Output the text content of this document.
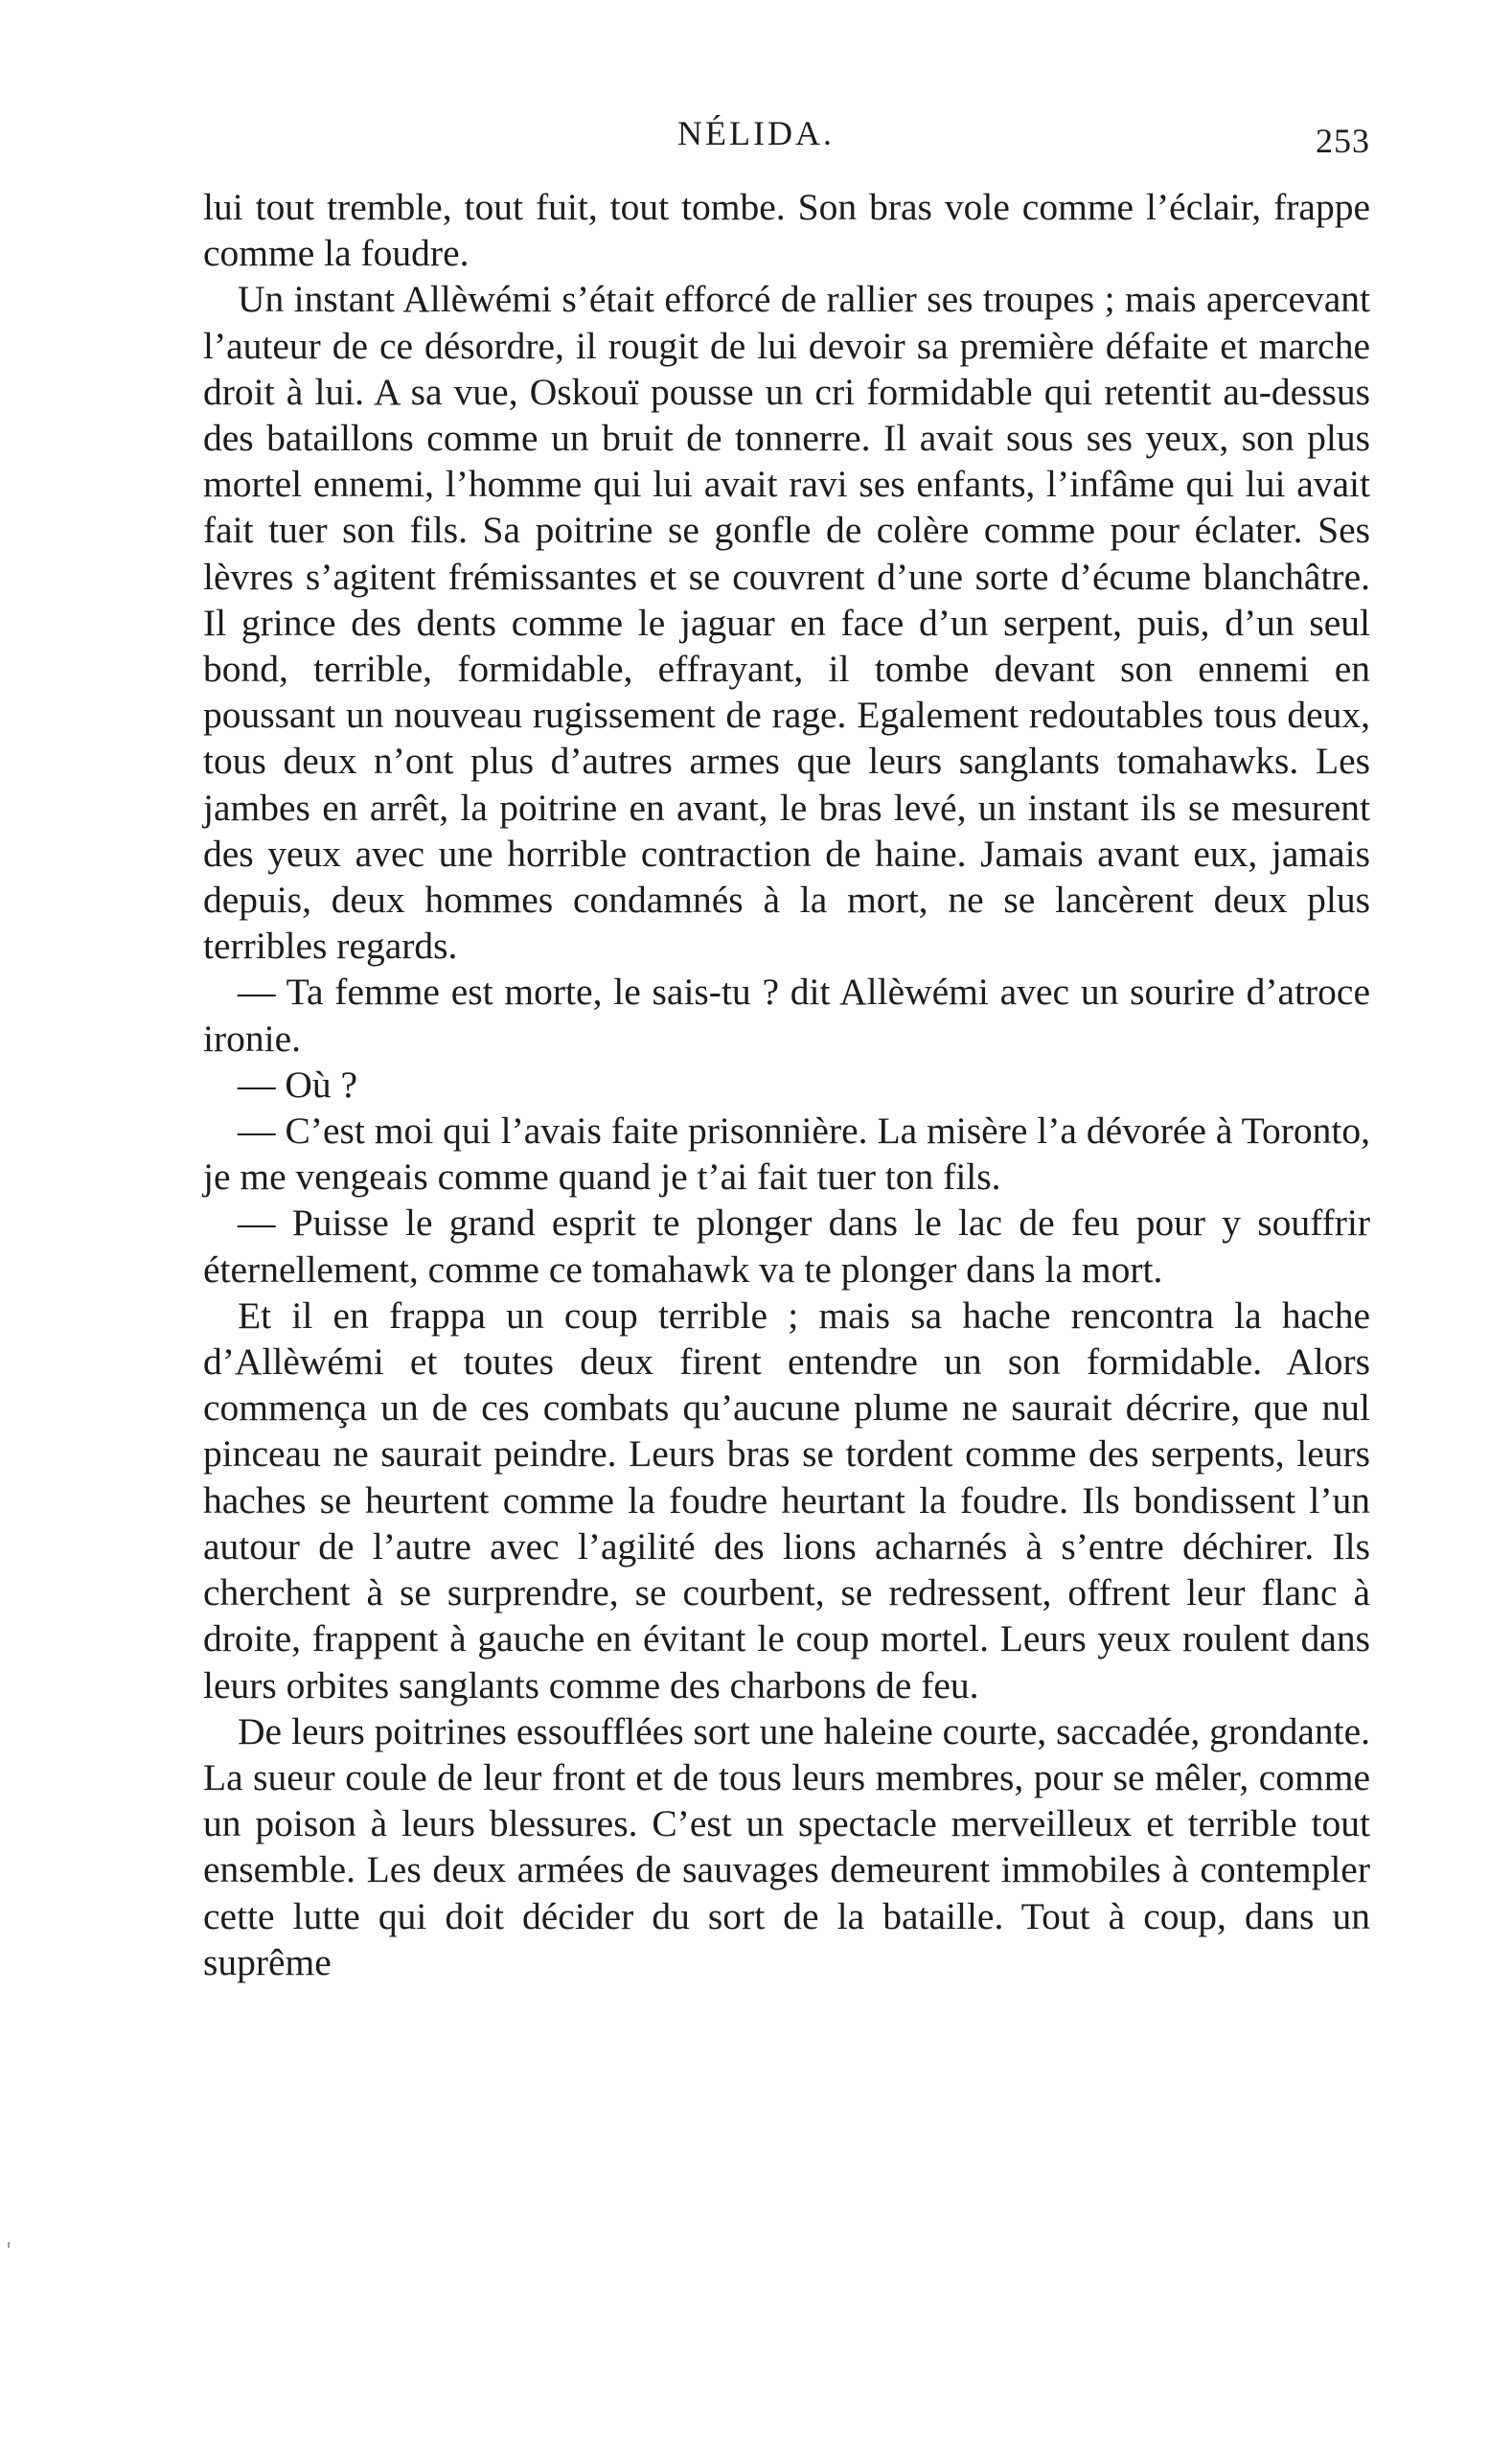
NÉLIDA.	253

lui tout tremble, tout fuit, tout tombe. Son bras vole comme l’éclair, frappe comme la foudre.

Un instant Allèwémi s’était efforcé de rallier ses troupes ; mais apercevant l’auteur de ce désordre, il rougit de lui devoir sa première défaite et marche droit à lui. A sa vue, Oskouï pousse un cri formidable qui retentit au-dessus des bataillons comme un bruit de tonnerre. Il avait sous ses yeux, son plus mortel ennemi, l’homme qui lui avait ravi ses enfants, l’infâme qui lui avait fait tuer son fils. Sa poitrine se gonfle de colère comme pour éclater. Ses lèvres s’agitent frémissantes et se couvrent d’une sorte d’écume blanchâtre. Il grince des dents comme le jaguar en face d’un serpent, puis, d’un seul bond, terrible, formidable, effrayant, il tombe devant son ennemi en poussant un nouveau rugissement de rage. Egalement redoutables tous deux, tous deux n’ont plus d’autres armes que leurs sanglants tomahawks. Les jambes en arrêt, la poitrine en avant, le bras levé, un instant ils se mesurent des yeux avec une horrible contraction de haine. Jamais avant eux, jamais depuis, deux hommes condamnés à la mort, ne se lancèrent deux plus terribles regards.

— Ta femme est morte, le sais-tu ? dit Allèwémi avec un sourire d’atroce ironie.

— Où ?

— C’est moi qui l’avais faite prisonnière. La misère l’a dévorée à Toronto, je me vengeais comme quand je t’ai fait tuer ton fils.

— Puisse le grand esprit te plonger dans le lac de feu pour y souffrir éternellement, comme ce tomahawk va te plonger dans la mort.

Et il en frappa un coup terrible ; mais sa hache rencontra la hache d’Allèwémi et toutes deux firent entendre un son formidable. Alors commença un de ces combats qu’aucune plume ne saurait décrire, que nul pinceau ne saurait peindre. Leurs bras se tordent comme des serpents, leurs haches se heurtent comme la foudre heurtant la foudre. Ils bondissent l’un autour de l’autre avec l’agilité des lions acharnés à s’entre déchirer. Ils cherchent à se surprendre, se courbent, se redressent, offrent leur flanc à droite, frappent à gauche en évitant le coup mortel. Leurs yeux roulent dans leurs orbites sanglants comme des charbons de feu.

De leurs poitrines essoufflées sort une haleine courte, saccadée, grondante. La sueur coule de leur front et de tous leurs membres, pour se mêler, comme un poison à leurs blessures. C’est un spectacle merveilleux et terrible tout ensemble. Les deux armées de sauvages demeurent immobiles à contempler cette lutte qui doit décider du sort de la bataille. Tout à coup, dans un suprême
